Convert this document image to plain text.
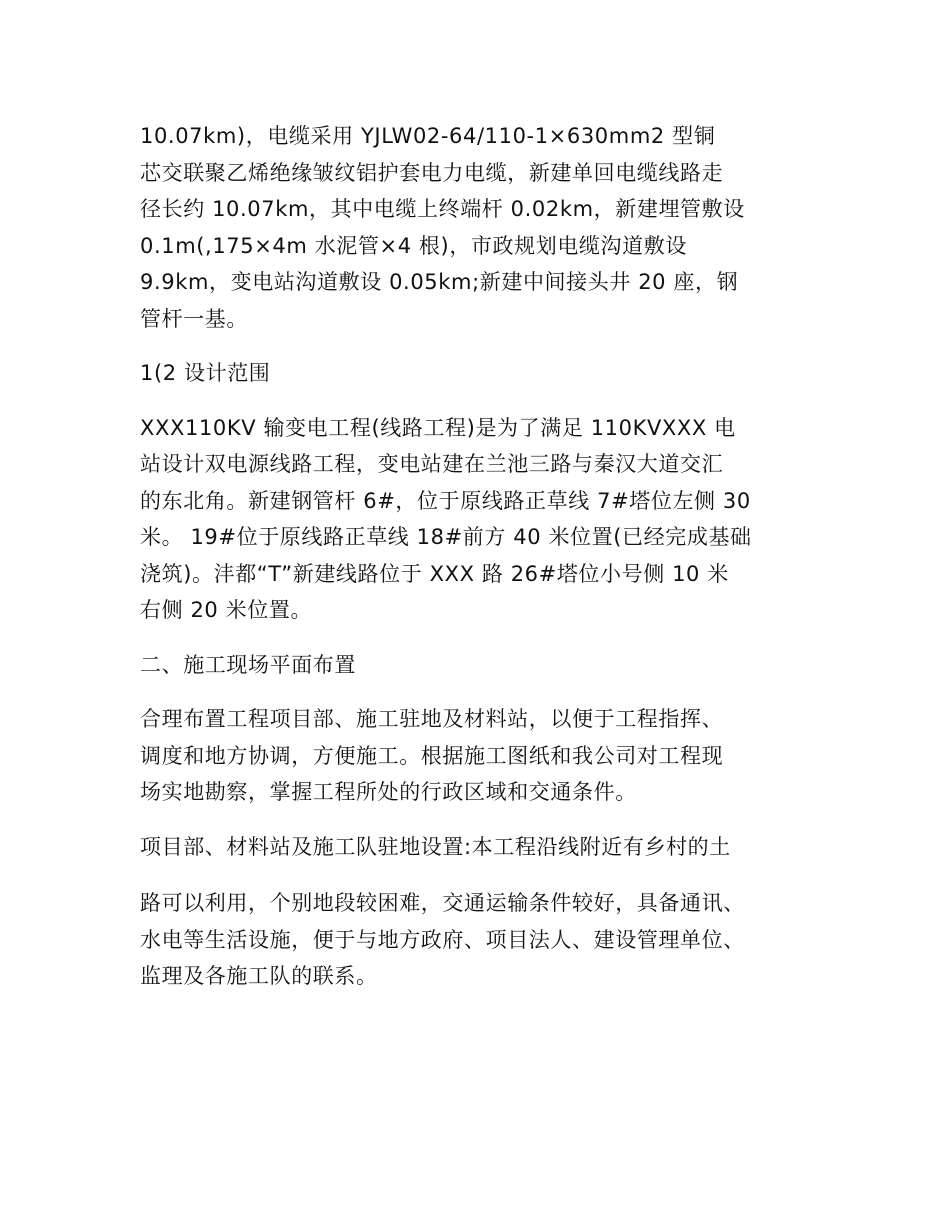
10.07km)，电缆采用 YJLW02-64/110-1×630mm2 型铜
芯交联聚乙烯绝缘皱纹铝护套电力电缆，新建单回电缆线路走
径长约 10.07km，其中电缆上终端杆 0.02km，新建埋管敷设
0.1m(,175×4m 水泥管×4 根)，市政规划电缆沟道敷设
9.9km，变电站沟道敷设 0.05km;新建中间接头井 20 座，钢
管杆一基。
1(2 设计范围
XXX110KV 输变电工程(线路工程)是为了满足 110KVXXX 电
站设计双电源线路工程，变电站建在兰池三路与秦汉大道交汇
的东北角。新建钢管杆 6#，位于原线路正草线 7#塔位左侧 30
米。 19#位于原线路正草线 18#前方 40 米位置(已经完成基础
浇筑)。沣都“T”新建线路位于 XXX 路 26#塔位小号侧 10 米
右侧 20 米位置。
二、施工现场平面布置
合理布置工程项目部、施工驻地及材料站，以便于工程指挥、
调度和地方协调，方便施工。根据施工图纸和我公司对工程现
场实地勘察，掌握工程所处的行政区域和交通条件。
项目部、材料站及施工队驻地设置:本工程沿线附近有乡村的土
路可以利用，个别地段较困难，交通运输条件较好，具备通讯、
水电等生活设施，便于与地方政府、项目法人、建设管理单位、
监理及各施工队的联系。
